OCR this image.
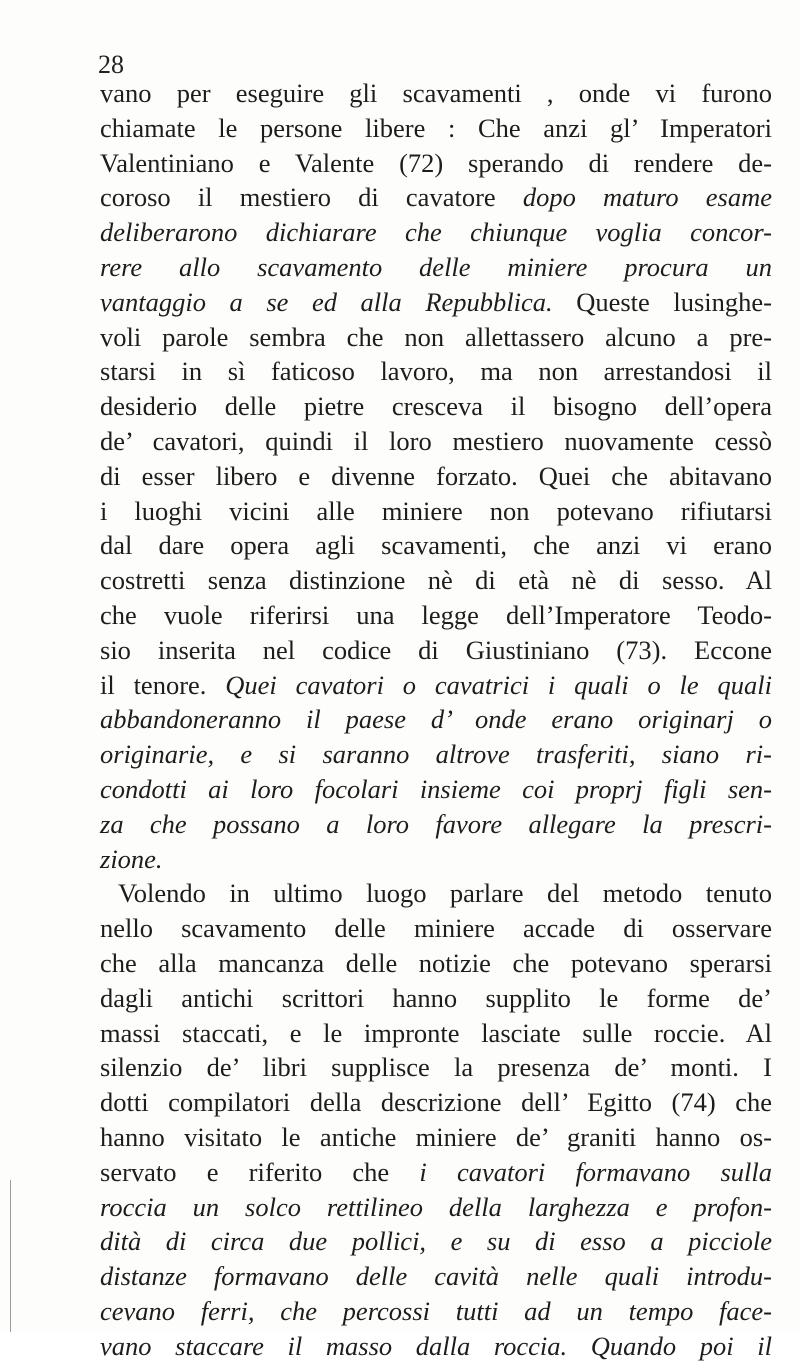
28
vano per eseguire gli scavamenti , onde vi furono
chiamate le persone libere : Che anzi gl’ Imperatori
Valentiniano e Valente (72) sperando di rendere de-
coroso il mestiero di cavatore dopo maturo esame
deliberarono dichiarare che chiunque voglia concor-
rere allo scavamento delle miniere procura un
vantaggio a se ed alla Repubblica. Queste lusinghe-
voli parole sembra che non allettassero alcuno a pre-
starsi in sì faticoso lavoro, ma non arrestandosi il
desiderio delle pietre cresceva il bisogno dell’opera
de’ cavatori, quindi il loro mestiero nuovamente cessò
di esser libero e divenne forzato. Quei che abitavano
i luoghi vicini alle miniere non potevano rifiutarsi
dal dare opera agli scavamenti, che anzi vi erano
costretti senza distinzione nè di età nè di sesso. Al
che vuole riferirsi una legge dell’Imperatore Teodo-
sio inserita nel codice di Giustiniano (73). Eccone
il tenore. Quei cavatori o cavatrici i quali o le quali
abbandoneranno il paese d’ onde erano originarj o
originarie, e si saranno altrove trasferiti, siano ri-
condotti ai loro focolari insieme coi proprj figli sen-
za che possano a loro favore allegare la prescri-
zione.
Volendo in ultimo luogo parlare del metodo tenuto
nello scavamento delle miniere accade di osservare
che alla mancanza delle notizie che potevano sperarsi
dagli antichi scrittori hanno supplito le forme de’
massi staccati, e le impronte lasciate sulle roccie. Al
silenzio de’ libri supplisce la presenza de’ monti. I
dotti compilatori della descrizione dell’ Egitto (74) che
hanno visitato le antiche miniere de’ graniti hanno os-
servato e riferito che i cavatori formavano sulla
roccia un solco rettilineo della larghezza e profon-
dità di circa due pollici, e su di esso a picciole
distanze formavano delle cavità nelle quali introdu-
cevano ferri, che percossi tutti ad un tempo face-
vano staccare il masso dalla roccia. Quando poi il
